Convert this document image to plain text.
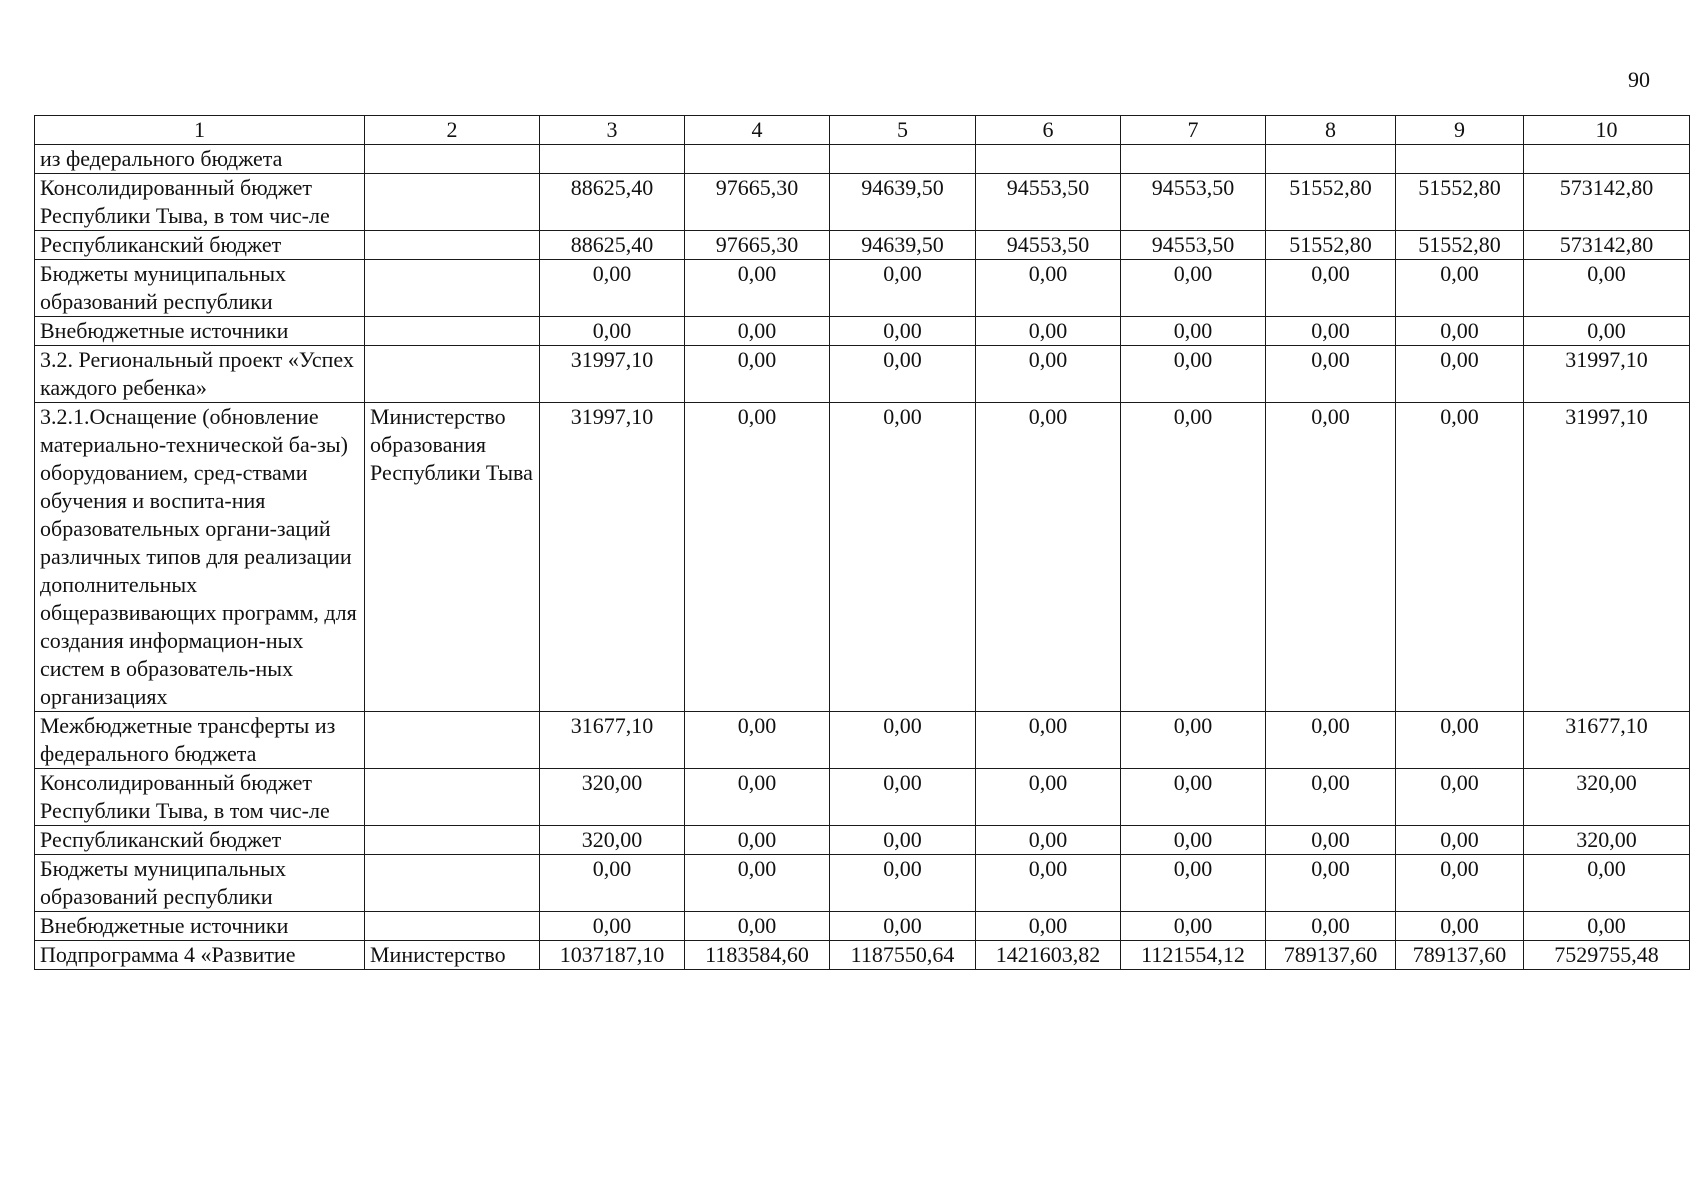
90
1	2	3	4	5	6	7	8	9	10
из федерального бюджета									
Консолидированный бюджет Республики Тыва, в том чис-ле		88625,40	97665,30	94639,50	94553,50	94553,50	51552,80	51552,80	573142,80
Республиканский бюджет		88625,40	97665,30	94639,50	94553,50	94553,50	51552,80	51552,80	573142,80
Бюджеты муниципальных образований республики		0,00	0,00	0,00	0,00	0,00	0,00	0,00	0,00
Внебюджетные источники		0,00	0,00	0,00	0,00	0,00	0,00	0,00	0,00
3.2. Региональный проект «Успех каждого ребенка»		31997,10	0,00	0,00	0,00	0,00	0,00	0,00	31997,10
3.2.1.Оснащение (обновление материально-технической ба-зы) оборудованием, сред-ствами обучения и воспита-ния образовательных органи-заций различных типов для реализации дополнительных общеразвивающих программ, для создания информацион-ных систем в образователь-ных организациях	Министерство образования Республики Тыва	31997,10	0,00	0,00	0,00	0,00	0,00	0,00	31997,10
Межбюджетные трансферты из федерального бюджета		31677,10	0,00	0,00	0,00	0,00	0,00	0,00	31677,10
Консолидированный бюджет Республики Тыва, в том чис-ле		320,00	0,00	0,00	0,00	0,00	0,00	0,00	320,00
Республиканский бюджет		320,00	0,00	0,00	0,00	0,00	0,00	0,00	320,00
Бюджеты муниципальных образований республики		0,00	0,00	0,00	0,00	0,00	0,00	0,00	0,00
Внебюджетные источники		0,00	0,00	0,00	0,00	0,00	0,00	0,00	0,00
Подпрограмма 4 «Развитие	Министерство	1037187,10	1183584,60	1187550,64	1421603,82	1121554,12	789137,60	789137,60	7529755,48
